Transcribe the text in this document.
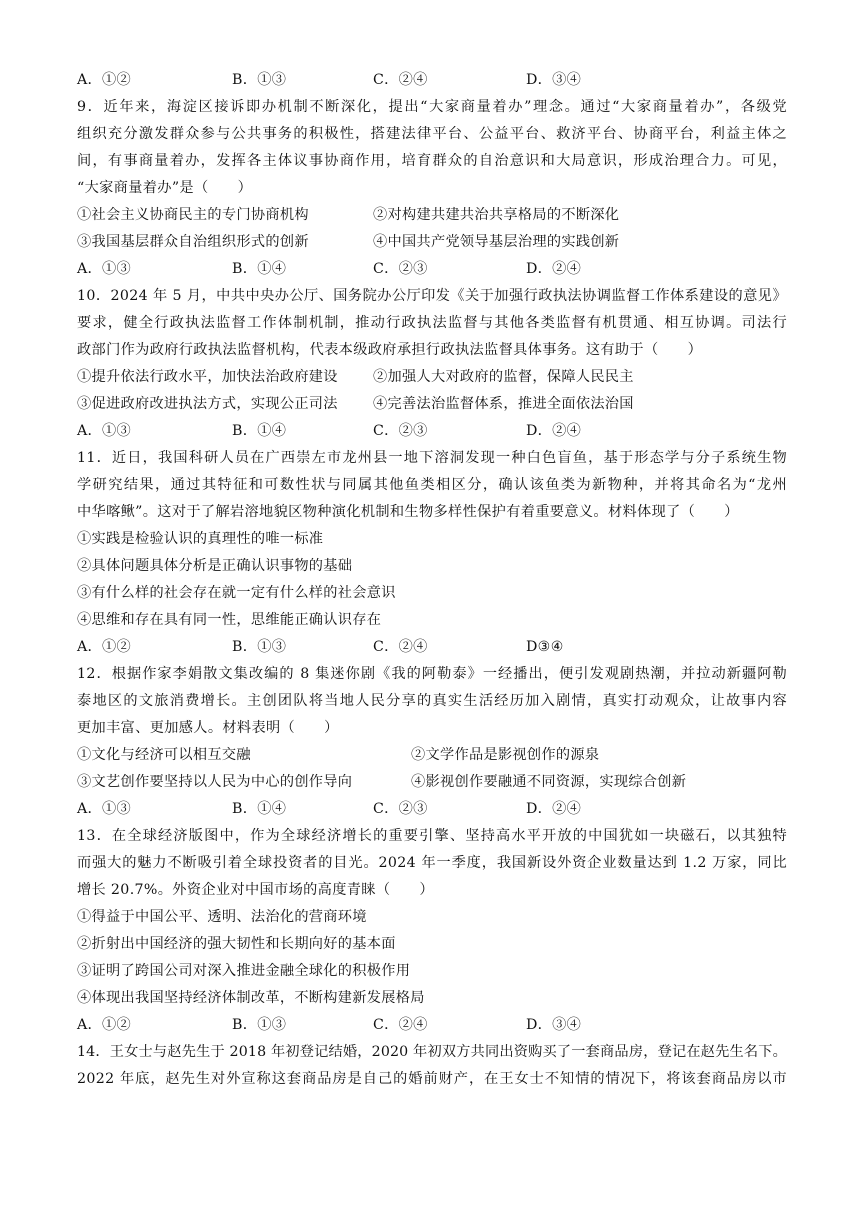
A．①②	B．①③	C．②④	D．③④
9．近年来，海淀区接诉即办机制不断深化，提出“大家商量着办”理念。通过“大家商量着办”，各级党
组织充分激发群众参与公共事务的积极性，搭建法律平台、公益平台、救济平台、协商平台，利益主体之
间，有事商量着办，发挥各主体议事协商作用，培育群众的自治意识和大局意识，形成治理合力。可见，
“大家商量着办”是（　　）
①社会主义协商民主的专门协商机构	②对构建共建共治共享格局的不断深化
③我国基层群众自治组织形式的创新	④中国共产党领导基层治理的实践创新
A．①③	B．①④	C．②③	D．②④
10．2024 年 5 月，中共中央办公厅、国务院办公厅印发《关于加强行政执法协调监督工作体系建设的意见》
要求，健全行政执法监督工作体制机制，推动行政执法监督与其他各类监督有机贯通、相互协调。司法行
政部门作为政府行政执法监督机构，代表本级政府承担行政执法监督具体事务。这有助于（　　）
①提升依法行政水平，加快法治政府建设 ②加强人大对政府的监督，保障人民民主
③促进政府改进执法方式，实现公正司法 ④完善法治监督体系，推进全面依法治国
A．①③	B．①④	C．②③	D．②④
11．近日，我国科研人员在广西崇左市龙州县一地下溶洞发现一种白色盲鱼，基于形态学与分子系统生物
学研究结果，通过其特征和可数性状与同属其他鱼类相区分，确认该鱼类为新物种，并将其命名为“龙州
中华喀鳅”。这对于了解岩溶地貌区物种演化机制和生物多样性保护有着重要意义。材料体现了（　　）
①实践是检验认识的真理性的唯一标准
②具体问题具体分析是正确认识事物的基础
③有什么样的社会存在就一定有什么样的社会意识
④思维和存在具有同一性，思维能正确认识存在
A．①②	B．①③	C．②④	D③④
12．根据作家李娟散文集改编的 8 集迷你剧《我的阿勒泰》一经播出，便引发观剧热潮，并拉动新疆阿勒
泰地区的文旅消费增长。主创团队将当地人民分享的真实生活经历加入剧情，真实打动观众，让故事内容
更加丰富、更加感人。材料表明（　　）
①文化与经济可以相互交融	②文学作品是影视创作的源泉
③文艺创作要坚持以人民为中心的创作导向	④影视创作要融通不同资源，实现综合创新
A．①③	B．①④	C．②③	D．②④
13．在全球经济版图中，作为全球经济增长的重要引擎、坚持高水平开放的中国犹如一块磁石，以其独特
而强大的魅力不断吸引着全球投资者的目光。2024 年一季度，我国新设外资企业数量达到 1.2 万家，同比
增长 20.7%。外资企业对中国市场的高度青睐（　　）
①得益于中国公平、透明、法治化的营商环境
②折射出中国经济的强大韧性和长期向好的基本面
③证明了跨国公司对深入推进金融全球化的积极作用
④体现出我国坚持经济体制改革，不断构建新发展格局
A．①②	B．①③	C．②④	D．③④
14．王女士与赵先生于 2018 年初登记结婚，2020 年初双方共同出资购买了一套商品房，登记在赵先生名下。
2022 年底，赵先生对外宣称这套商品房是自己的婚前财产，在王女士不知情的情况下，将该套商品房以市
